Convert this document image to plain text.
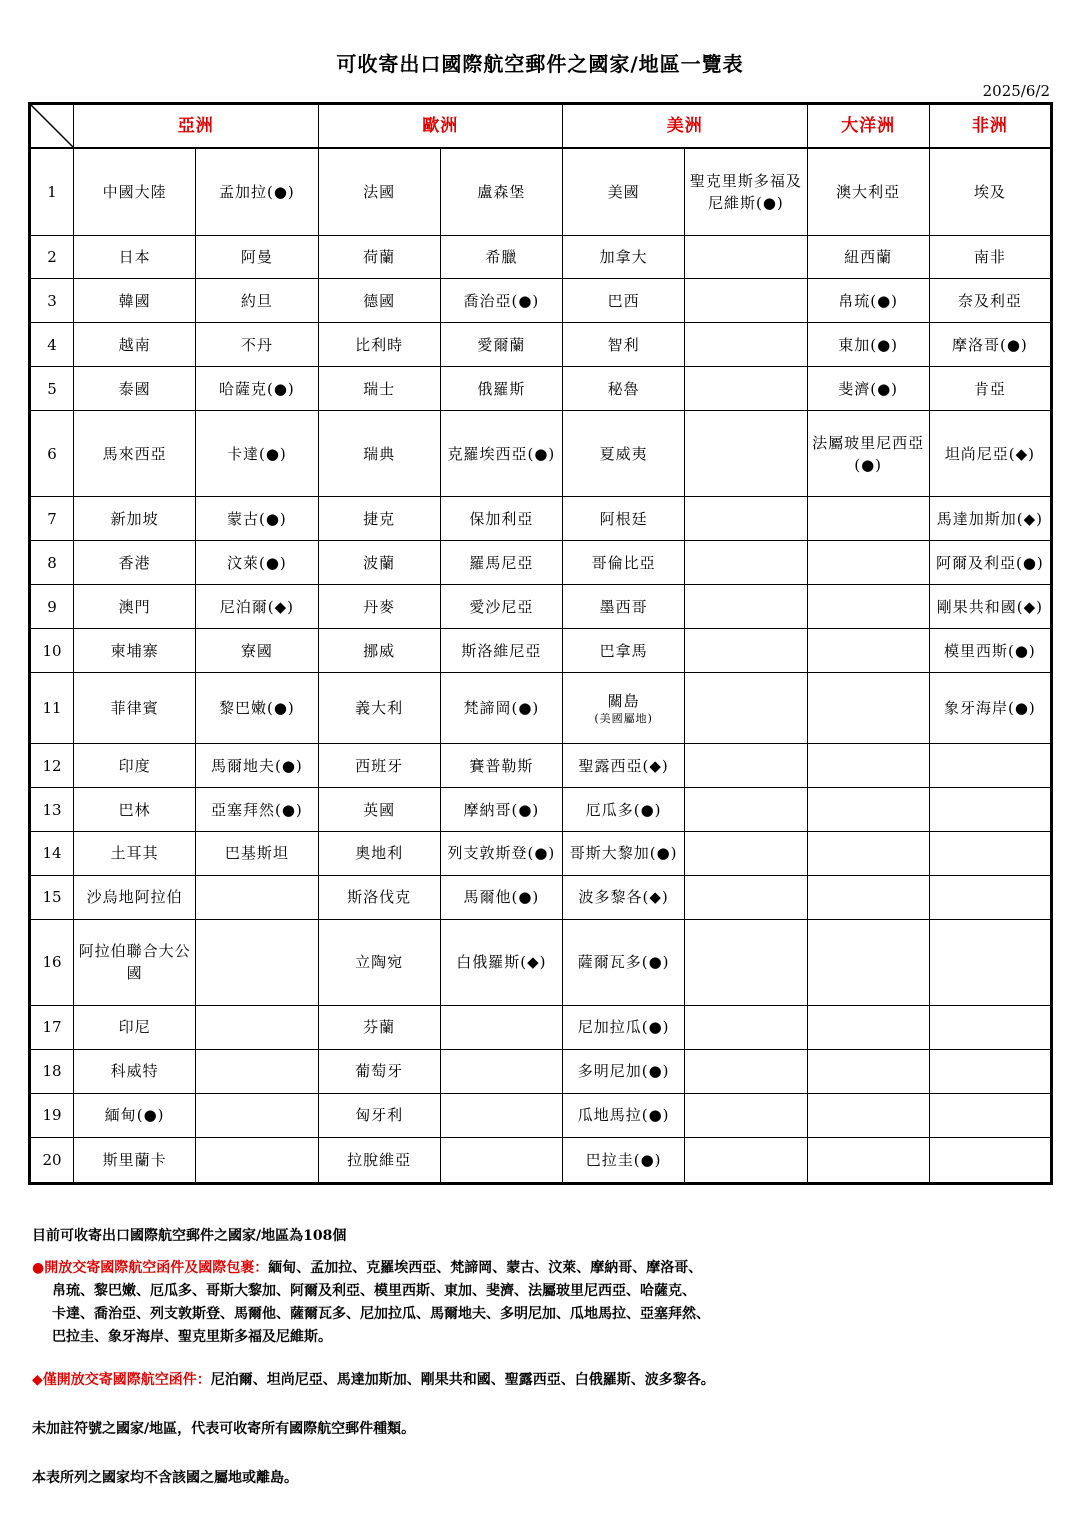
可收寄出口國際航空郵件之國家/地區一覽表
2025/6/2
	亞洲		歐洲		美洲		大洋洲	非洲
1	中國大陸	孟加拉(●)	法國	盧森堡	美國	聖克里斯多福及尼維斯(●)	澳大利亞	埃及
2	日本	阿曼	荷蘭	希臘	加拿大		紐西蘭	南非
3	韓國	約旦	德國	喬治亞(●)	巴西		帛琉(●)	奈及利亞
4	越南	不丹	比利時	愛爾蘭	智利		東加(●)	摩洛哥(●)
5	泰國	哈薩克(●)	瑞士	俄羅斯	秘魯		斐濟(●)	肯亞
6	馬來西亞	卡達(●)	瑞典	克羅埃西亞(●)	夏威夷		法屬玻里尼西亞(●)	坦尚尼亞(◆)
7	新加坡	蒙古(●)	捷克	保加利亞	阿根廷			馬達加斯加(◆)
8	香港	汶萊(●)	波蘭	羅馬尼亞	哥倫比亞			阿爾及利亞(●)
9	澳門	尼泊爾(◆)	丹麥	愛沙尼亞	墨西哥			剛果共和國(◆)
10	柬埔寨	寮國	挪威	斯洛維尼亞	巴拿馬			模里西斯(●)
11	菲律賓	黎巴嫩(●)	義大利	梵諦岡(●)	關島
(美國屬地)			象牙海岸(●)
12	印度	馬爾地夫(●)	西班牙	賽普勒斯	聖露西亞(◆)			
13	巴林	亞塞拜然(●)	英國	摩納哥(●)	厄瓜多(●)			
14	土耳其	巴基斯坦	奧地利	列支敦斯登(●)	哥斯大黎加(●)			
15	沙烏地阿拉伯		斯洛伐克	馬爾他(●)	波多黎各(◆)			
16	阿拉伯聯合大公國		立陶宛	白俄羅斯(◆)	薩爾瓦多(●)			
17	印尼		芬蘭		尼加拉瓜(●)			
18	科威特		葡萄牙		多明尼加(●)			
19	緬甸(●)		匈牙利		瓜地馬拉(●)			
20	斯里蘭卡		拉脫維亞		巴拉圭(●)			

目前可收寄出口國際航空郵件之國家/地區為108個

●開放交寄國際航空函件及國際包裹：緬甸、孟加拉、克羅埃西亞、梵諦岡、蒙古、汶萊、摩納哥、摩洛哥、

帛琉、黎巴嫩、厄瓜多、哥斯大黎加、阿爾及利亞、模里西斯、東加、斐濟、法屬玻里尼西亞、哈薩克、

卡達、喬治亞、列支敦斯登、馬爾他、薩爾瓦多、尼加拉瓜、馬爾地夫、多明尼加、瓜地馬拉、亞塞拜然、

巴拉圭、象牙海岸、聖克里斯多福及尼維斯。

◆僅開放交寄國際航空函件：尼泊爾、坦尚尼亞、馬達加斯加、剛果共和國、聖露西亞、白俄羅斯、波多黎各。

未加註符號之國家/地區，代表可收寄所有國際航空郵件種類。

本表所列之國家均不含該國之屬地或離島。
